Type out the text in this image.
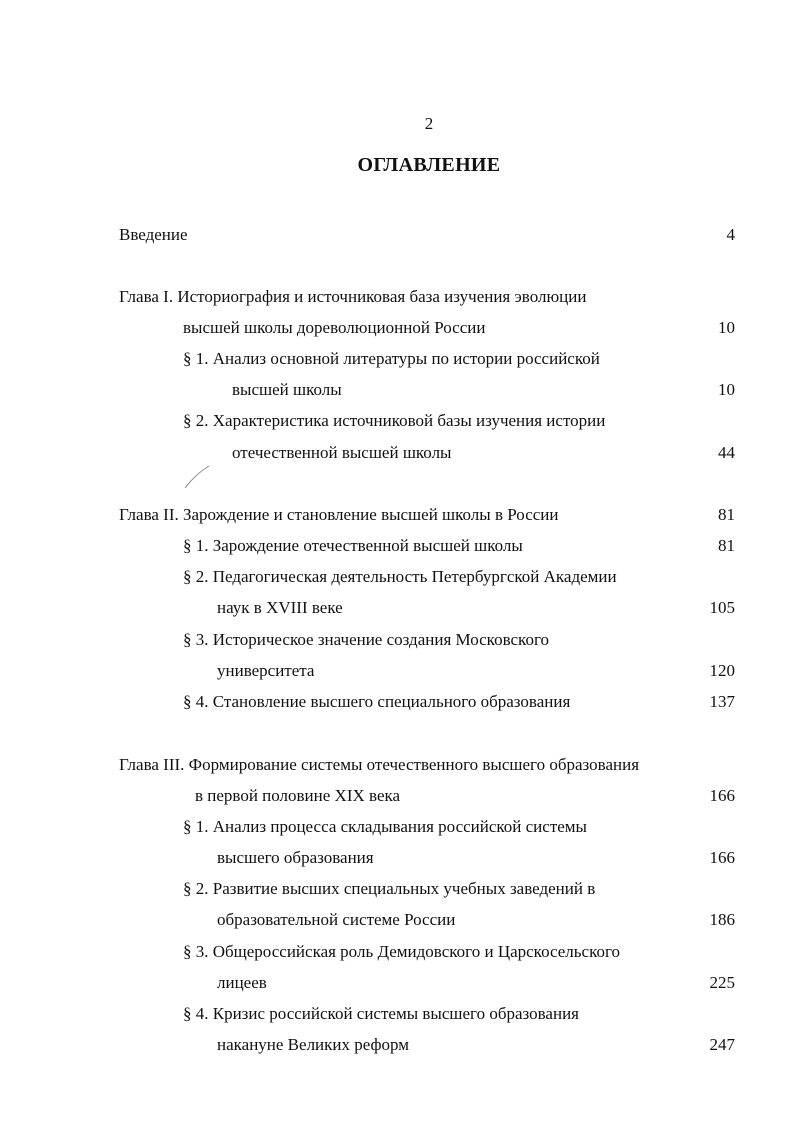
2
ОГЛАВЛЕНИЕ
Введение	4
Глава I. Историография и источниковая база изучения эволюции
высшей школы дореволюционной России	10
§ 1. Анализ основной литературы по истории российской
высшей школы	10
§ 2. Характеристика источниковой базы изучения истории
отечественной высшей школы	44
Глава II. Зарождение и становление высшей школы в России	81
§ 1. Зарождение отечественной высшей школы	81
§ 2. Педагогическая деятельность Петербургской Академии
наук в XVIII веке	105
§ 3. Историческое значение создания Московского
университета	120
§ 4. Становление высшего специального образования	137
Глава III. Формирование системы отечественного высшего образования
в первой половине XIX века	166
§ 1. Анализ процесса складывания российской системы
высшего образования	166
§ 2. Развитие высших специальных учебных заведений в
образовательной системе России	186
§ 3. Общероссийская роль Демидовского и Царскосельского
лицеев	225
§ 4. Кризис российской системы высшего образования
накануне Великих реформ	247
